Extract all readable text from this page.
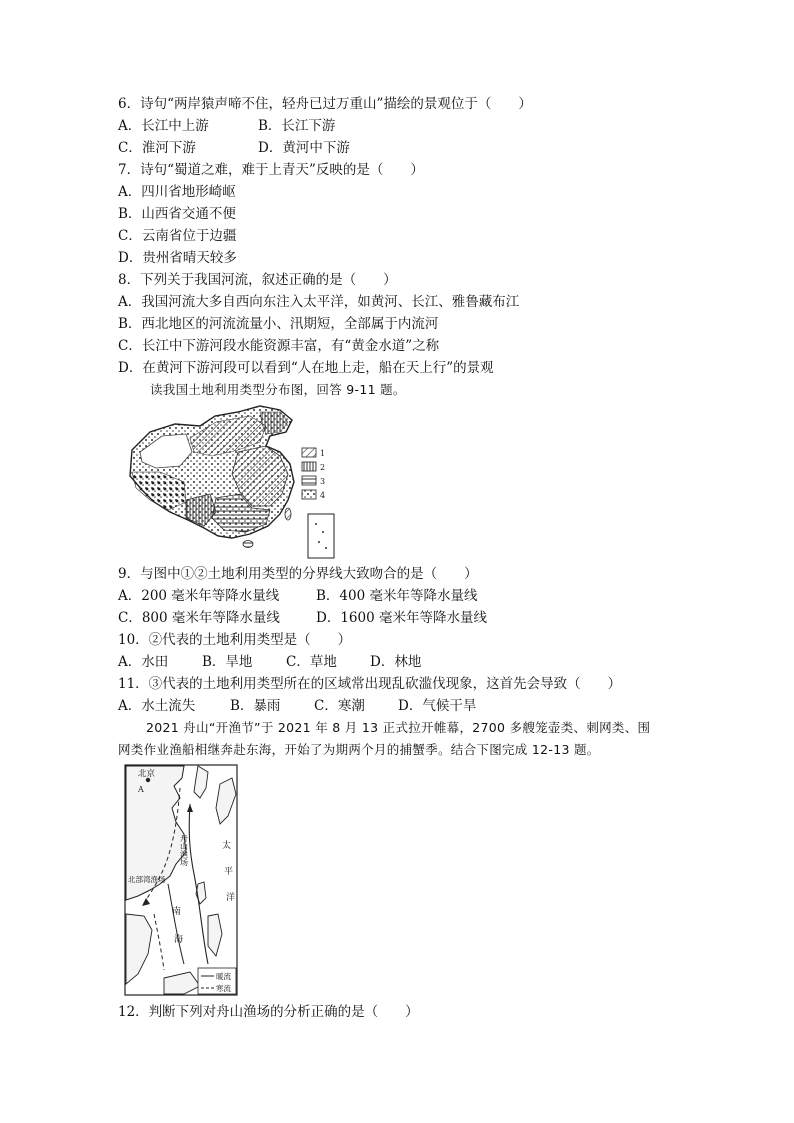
6．诗句“两岸猿声啼不住，轻舟已过万重山”描绘的景观位于（　　）
A．长江中上游	B．长江下游
C．淮河下游	D．黄河中下游
7．诗句“蜀道之难，难于上青天”反映的是（　　）
A．四川省地形崎岖
B．山西省交通不便
C．云南省位于边疆
D．贵州省晴天较多
8．下列关于我国河流，叙述正确的是（　　）
A．我国河流大多自西向东注入太平洋，如黄河、长江、雅鲁藏布江
B．西北地区的河流流量小、汛期短，全部属于内流河
C．长江中下游河段水能资源丰富，有“黄金水道”之称
D．在黄河下游河段可以看到“人在地上走，船在天上行”的景观
读我国土地利用类型分布图，回答 9-11 题。
1
2
3
4
9．与图中①②土地利用类型的分界线大致吻合的是（　　）
A．200 毫米年等降水量线	B．400 毫米年等降水量线
C．800 毫米年等降水量线	D．1600 毫米年等降水量线
10．②代表的土地利用类型是（　　）
A．水田	B．旱地 C．草地 D．林地
11．③代表的土地利用类型所在的区域常出现乱砍滥伐现象，这首先会导致（　　）
A．水土流失	B．暴雨 C．寒潮 D．气候干旱
2021 舟山“开渔节”于 2021 年 8 月 13 正式拉开帷幕，2700 多艘笼壶类、刺网类、围
网类作业渔船相继奔赴东海，开始了为期两个月的捕蟹季。结合下图完成 12-13 题。
北京
A
舟山渔场
北部湾渔场
太
平
洋
南
海
暖流
寒流
12．判断下列对舟山渔场的分析正确的是（　　）
